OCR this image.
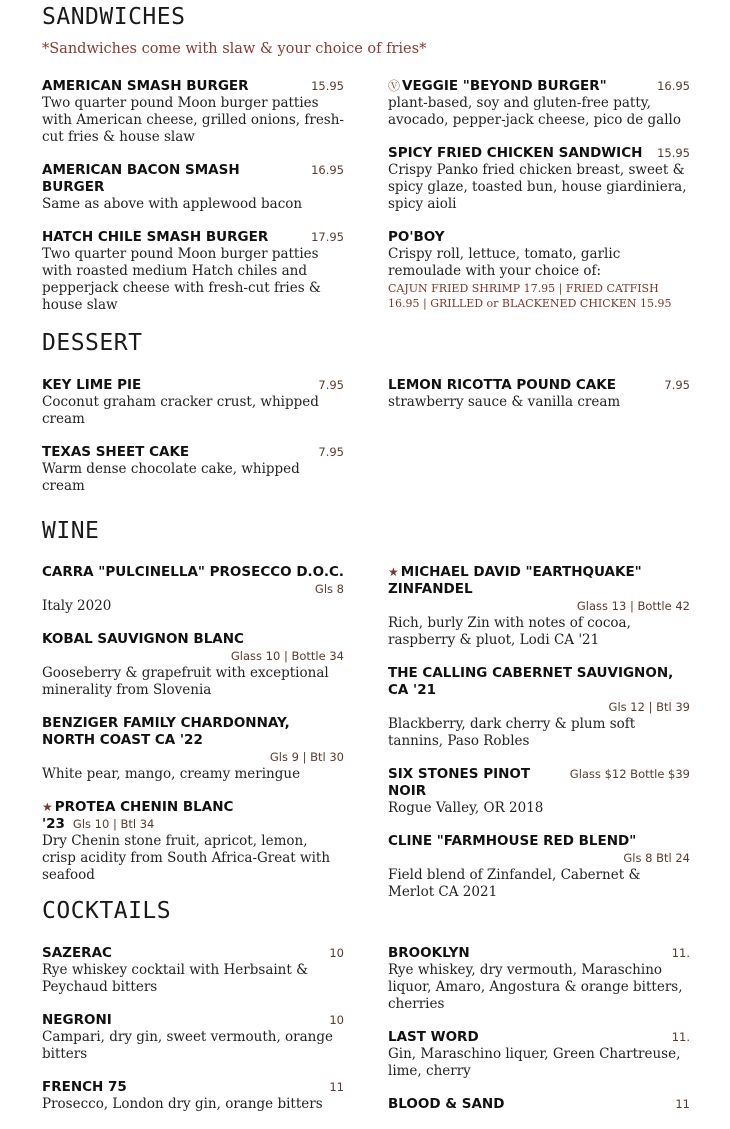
SANDWICHES
*Sandwiches come with slaw & your choice of fries*
AMERICAN SMASH BURGER	15.95
Two quarter pound Moon burger patties with American cheese, grilled onions, fresh-cut fries & house slaw
AMERICAN BACON SMASH BURGER
16.95
Same as above with applewood bacon
HATCH CHILE SMASH BURGER	17.95
Two quarter pound Moon burger patties with roasted medium Hatch chiles and pepperjack cheese with fresh-cut fries & house slaw
Ⓥ VEGGIE "BEYOND BURGER"	16.95
plant-based, soy and gluten-free patty, avocado, pepper-jack cheese, pico de gallo
SPICY FRIED CHICKEN SANDWICH	15.95
Crispy Panko fried chicken breast, sweet & spicy glaze, toasted bun, house giardiniera, spicy aioli
PO'BOY
Crispy roll, lettuce, tomato, garlic remoulade with your choice of:
CAJUN FRIED SHRIMP 17.95 | FRIED CATFISH 16.95 | GRILLED or BLACKENED CHICKEN 15.95
DESSERT
KEY LIME PIE	7.95
Coconut graham cracker crust, whipped cream
TEXAS SHEET CAKE	7.95
Warm dense chocolate cake, whipped cream
LEMON RICOTTA POUND CAKE	7.95
strawberry sauce & vanilla cream
WINE
CARRA "PULCINELLA" PROSECCO D.O.C.
Gls 8
Italy 2020
KOBAL SAUVIGNON BLANC
Glass 10 | Bottle 34
Gooseberry & grapefruit with exceptional minerality from Slovenia
BENZIGER FAMILY CHARDONNAY, NORTH COAST CA '22
Gls 9 | Btl 30
White pear, mango, creamy meringue
★ PROTEA CHENIN BLANC '23 Gls 10 | Btl 34
Dry Chenin stone fruit, apricot, lemon, crisp acidity from South Africa-Great with seafood
★ MICHAEL DAVID "EARTHQUAKE" ZINFANDEL
Glass 13 | Bottle 42
Rich, burly Zin with notes of cocoa, raspberry & pluot, Lodi CA '21
THE CALLING CABERNET SAUVIGNON, CA '21
Gls 12 | Btl 39
Blackberry, dark cherry & plum soft tannins, Paso Robles
SIX STONES PINOT NOIR
Glass $12 Bottle $39
Rogue Valley, OR 2018
CLINE "FARMHOUSE RED BLEND"
Gls 8 Btl 24
Field blend of Zinfandel, Cabernet & Merlot CA 2021
COCKTAILS
SAZERAC	10
Rye whiskey cocktail with Herbsaint & Peychaud bitters
NEGRONI	10
Campari, dry gin, sweet vermouth, orange bitters
FRENCH 75	11
Prosecco, London dry gin, orange bitters
BROOKLYN	11.
Rye whiskey, dry vermouth, Maraschino liquor, Amaro, Angostura & orange bitters, cherries
LAST WORD	11.
Gin, Maraschino liquer, Green Chartreuse, lime, cherry
BLOOD & SAND	11
